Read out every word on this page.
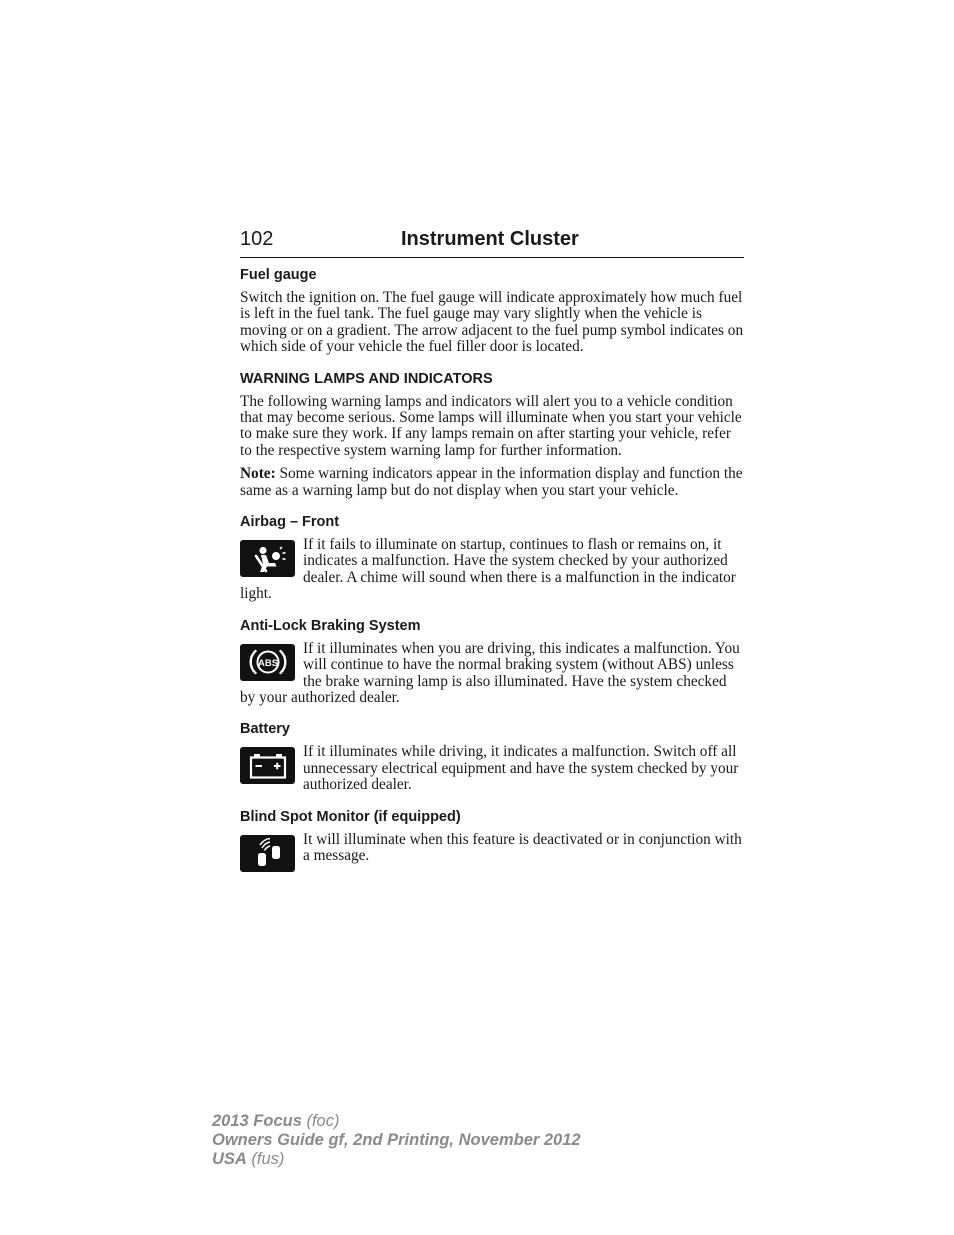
102	Instrument Cluster
Fuel gauge

Switch the ignition on. The fuel gauge will indicate approximately how much fuel is left in the fuel tank. The fuel gauge may vary slightly when the vehicle is moving or on a gradient. The arrow adjacent to the fuel pump symbol indicates on which side of your vehicle the fuel filler door is located.

WARNING LAMPS AND INDICATORS

The following warning lamps and indicators will alert you to a vehicle condition that may become serious. Some lamps will illuminate when you start your vehicle to make sure they work. If any lamps remain on after starting your vehicle, refer to the respective system warning lamp for further information.

Note: Some warning indicators appear in the information display and function the same as a warning lamp but do not display when you start your vehicle.

Airbag – Front

If it fails to illuminate on startup, continues to flash or remains on, it indicates a malfunction. Have the system checked by your authorized dealer. A chime will sound when there is a malfunction in the indicator light.

Anti-Lock Braking System
ABS

If it illuminates when you are driving, this indicates a malfunction. You will continue to have the normal braking system (without ABS) unless the brake warning lamp is also illuminated. Have the system checked by your authorized dealer.

Battery

If it illuminates while driving, it indicates a malfunction. Switch off all unnecessary electrical equipment and have the system checked by your authorized dealer.

Blind Spot Monitor (if equipped)

It will illuminate when this feature is deactivated or in conjunction with a message.

2013 Focus (foc)
Owners Guide gf, 2nd Printing, November 2012
USA (fus)
